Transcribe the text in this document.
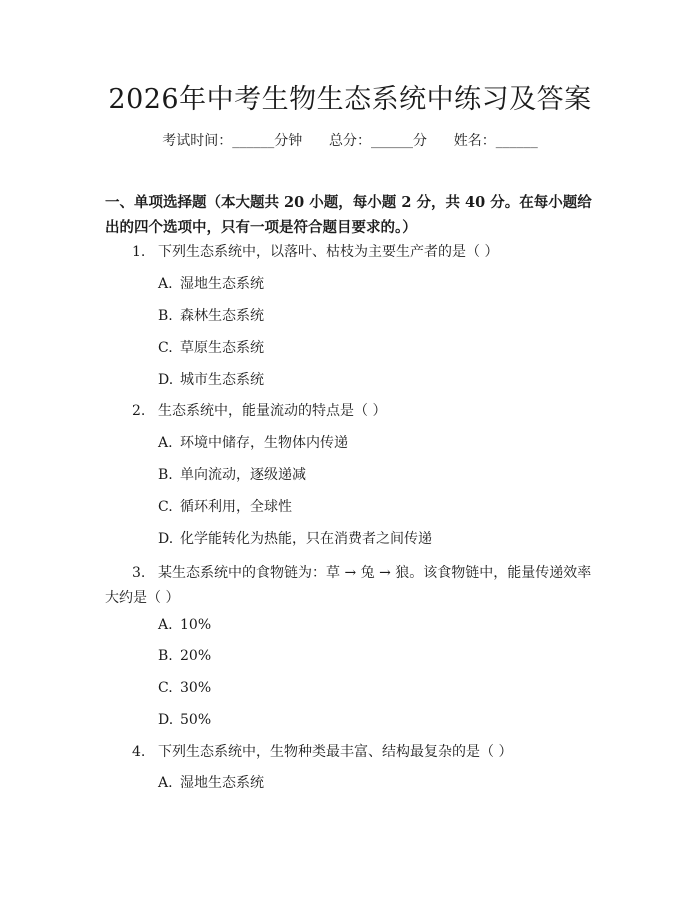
2026年中考生物生态系统中练习及答案
考试时间：______分钟      总分：______分      姓名：______
一、单项选择题（本大题共 20 小题，每小题 2 分，共 40 分。在每小题给出的四个选项中，只有一项是符合题目要求的。）
1. 下列生态系统中，以落叶、枯枝为主要生产者的是（ ）
A. 湿地生态系统
B. 森林生态系统
C. 草原生态系统
D. 城市生态系统
2. 生态系统中，能量流动的特点是（ ）
A. 环境中储存，生物体内传递
B. 单向流动，逐级递减
C. 循环利用，全球性
D. 化学能转化为热能，只在消费者之间传递
3. 某生态系统中的食物链为：草 → 兔 → 狼。该食物链中，能量传递效率大约是（ ）
A. 10%
B. 20%
C. 30%
D. 50%
4. 下列生态系统中，生物种类最丰富、结构最复杂的是（ ）
A. 湿地生态系统
